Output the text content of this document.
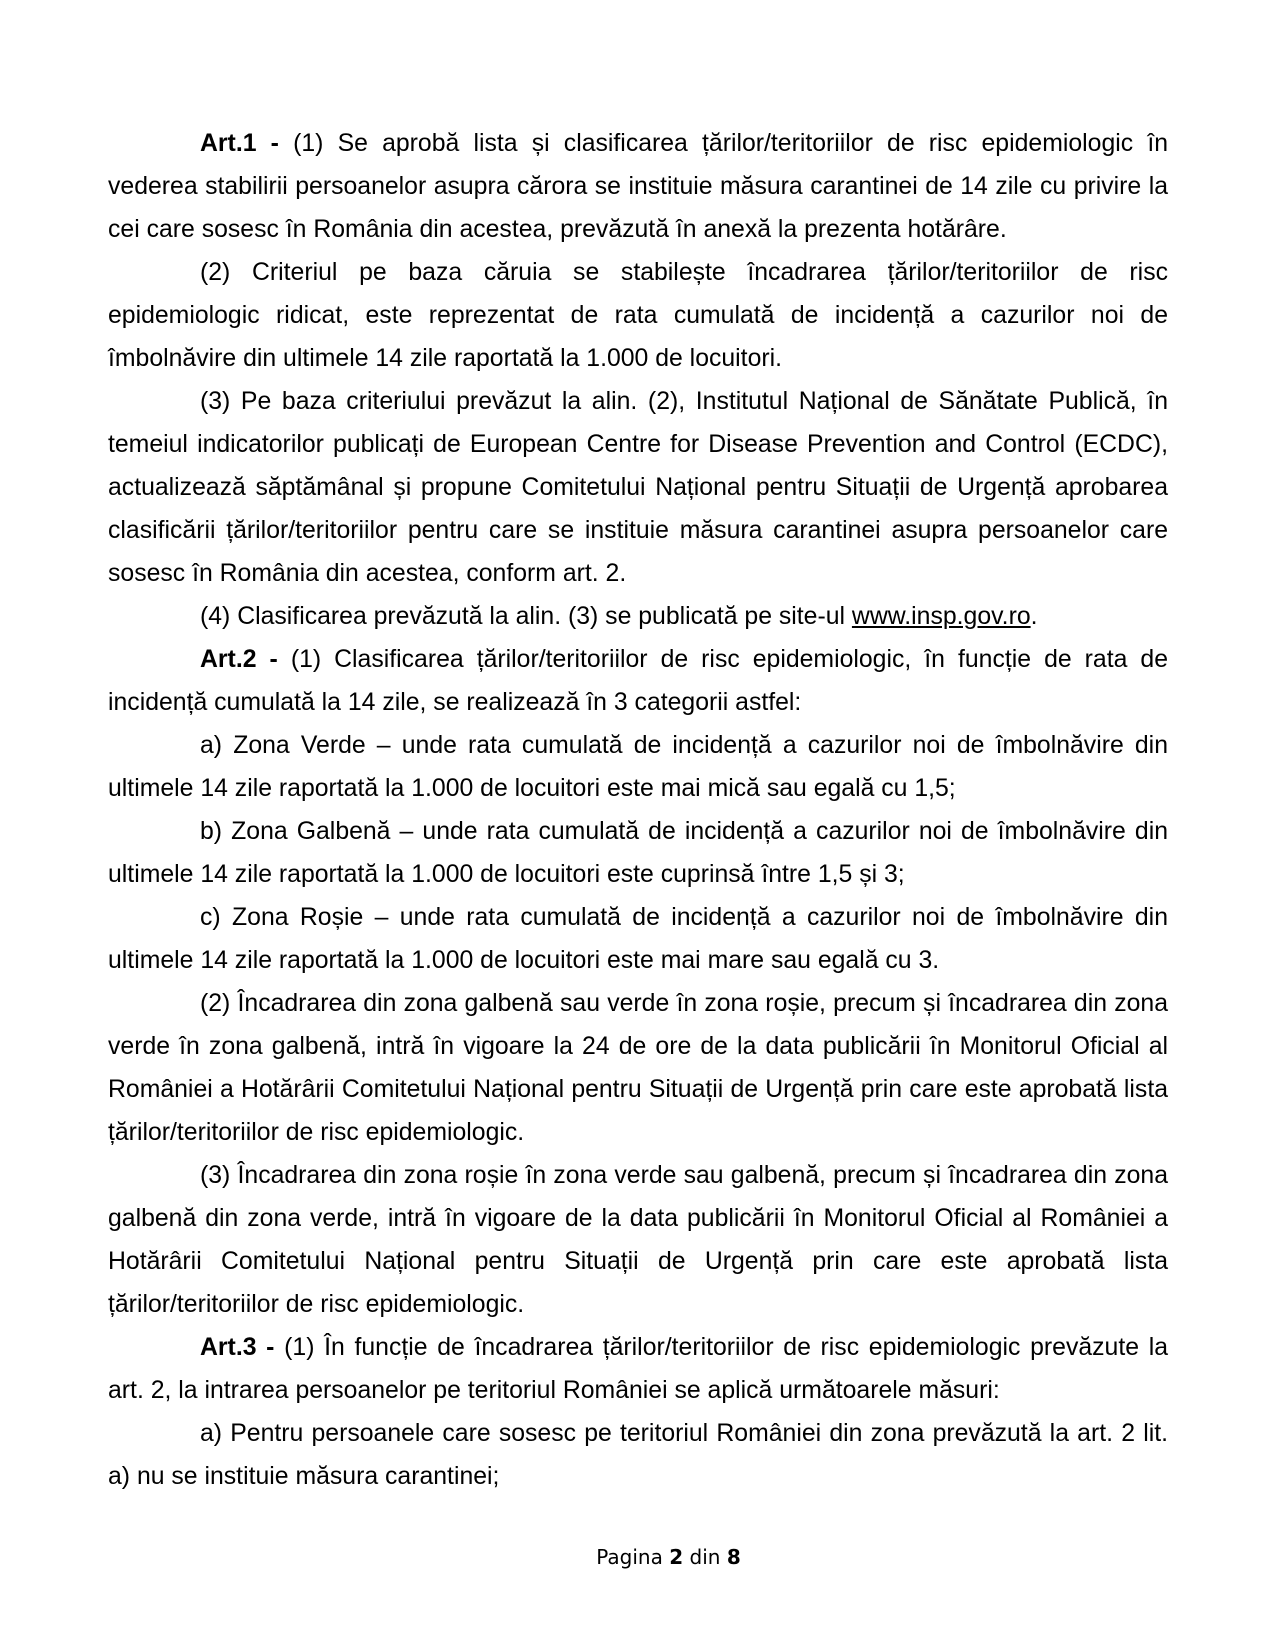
Art.1 - (1) Se aprobă lista și clasificarea țărilor/teritoriilor de risc epidemiologic în vederea stabilirii persoanelor asupra cărora se instituie măsura carantinei de 14 zile cu privire la cei care sosesc în România din acestea, prevăzută în anexă la prezenta hotărâre.

(2) Criteriul pe baza căruia se stabilește încadrarea țărilor/teritoriilor de risc epidemiologic ridicat, este reprezentat de rata cumulată de incidență a cazurilor noi de îmbolnăvire din ultimele 14 zile raportată la 1.000 de locuitori.

(3) Pe baza criteriului prevăzut la alin. (2), Institutul Național de Sănătate Publică, în temeiul indicatorilor publicați de European Centre for Disease Prevention and Control (ECDC), actualizează săptămânal și propune Comitetului Național pentru Situații de Urgență aprobarea clasificării țărilor/teritoriilor pentru care se instituie măsura carantinei asupra persoanelor care sosesc în România din acestea, conform art. 2.

(4) Clasificarea prevăzută la alin. (3) se publicată pe site-ul www.insp.gov.ro.

Art.2 - (1) Clasificarea țărilor/teritoriilor de risc epidemiologic, în funcție de rata de incidență cumulată la 14 zile, se realizează în 3 categorii astfel:

a) Zona Verde – unde rata cumulată de incidență a cazurilor noi de îmbolnăvire din ultimele 14 zile raportată la 1.000 de locuitori este mai mică sau egală cu 1,5;

b) Zona Galbenă – unde rata cumulată de incidență a cazurilor noi de îmbolnăvire din ultimele 14 zile raportată la 1.000 de locuitori este cuprinsă între 1,5 și 3;

c) Zona Roșie – unde rata cumulată de incidență a cazurilor noi de îmbolnăvire din ultimele 14 zile raportată la 1.000 de locuitori este mai mare sau egală cu 3.

(2) Încadrarea din zona galbenă sau verde în zona roșie, precum și încadrarea din zona verde în zona galbenă, intră în vigoare la 24 de ore de la data publicării în Monitorul Oficial al României a Hotărârii Comitetului Național pentru Situații de Urgență prin care este aprobată lista țărilor/teritoriilor de risc epidemiologic.

(3) Încadrarea din zona roșie în zona verde sau galbenă, precum și încadrarea din zona galbenă din zona verde, intră în vigoare de la data publicării în Monitorul Oficial al României a Hotărârii Comitetului Național pentru Situații de Urgență prin care este aprobată lista țărilor/teritoriilor de risc epidemiologic.

Art.3 - (1) În funcție de încadrarea țărilor/teritoriilor de risc epidemiologic prevăzute la art. 2, la intrarea persoanelor pe teritoriul României se aplică următoarele măsuri:

a) Pentru persoanele care sosesc pe teritoriul României din zona prevăzută la art. 2 lit. a) nu se instituie măsura carantinei;

Pagina 2 din 8
